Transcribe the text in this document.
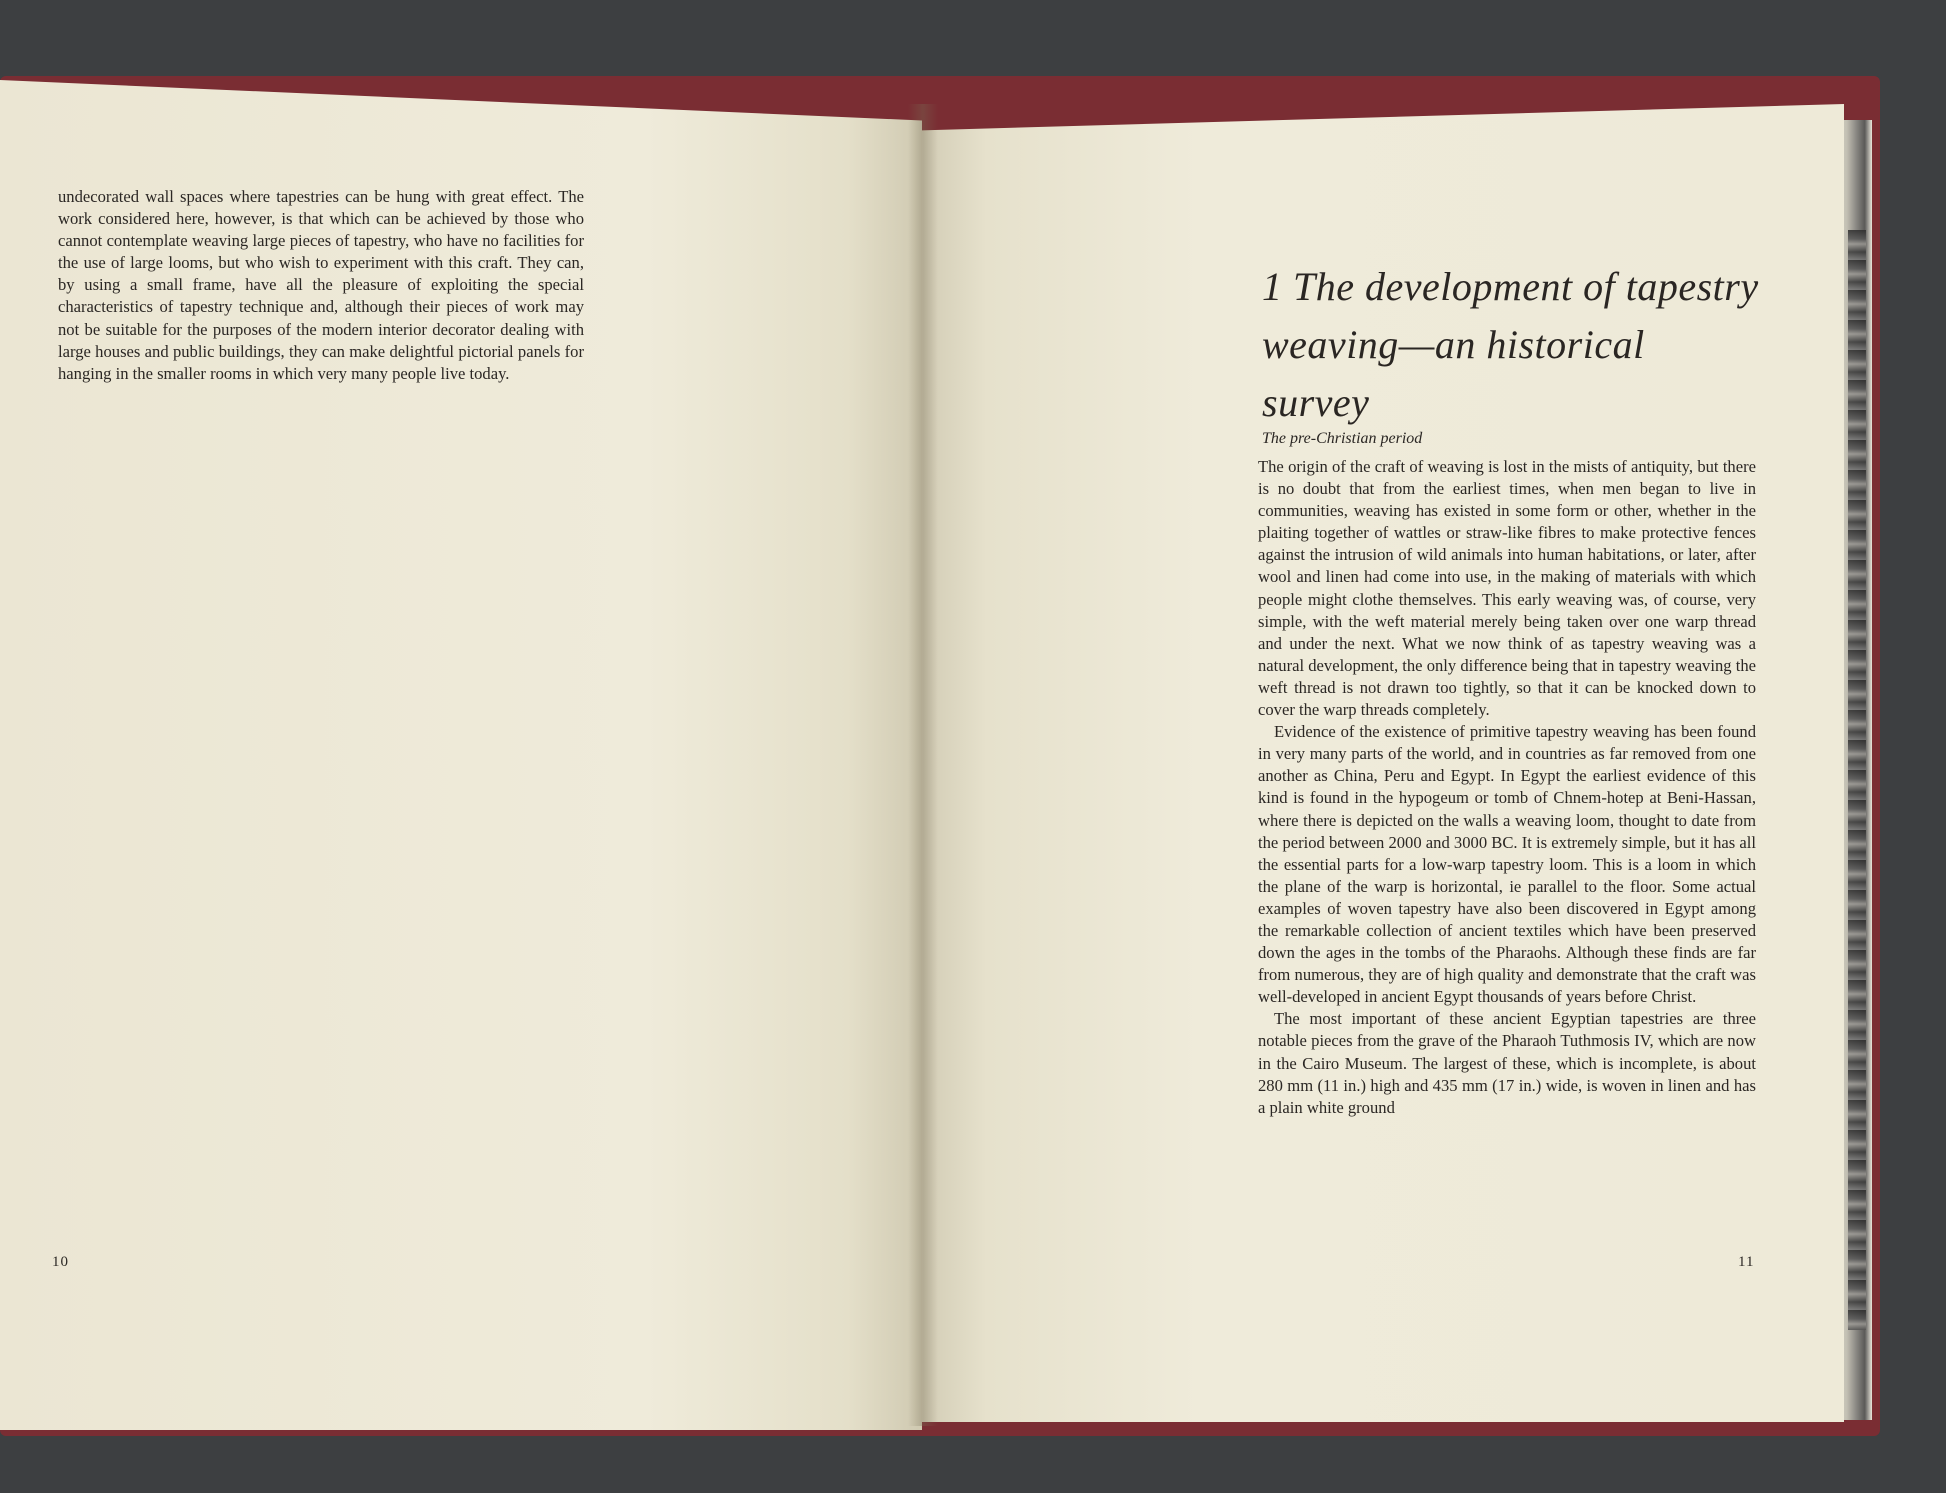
undecorated wall spaces where tapestries can be hung with great effect. The work considered here, however, is that which can be achieved by those who cannot contemplate weaving large pieces of tapestry, who have no facilities for the use of large looms, but who wish to experiment with this craft. They can, by using a small frame, have all the pleasure of exploiting the special characteristics of tapestry technique and, although their pieces of work may not be suitable for the purposes of the modern interior decorator dealing with large houses and public buildings, they can make delightful pictorial panels for hanging in the smaller rooms in which very many people live today.

10
1 The development of tapestry weaving—an historical survey
The pre-Christian period

The origin of the craft of weaving is lost in the mists of antiquity, but there is no doubt that from the earliest times, when men began to live in communities, weaving has existed in some form or other, whether in the plaiting together of wattles or straw-like fibres to make protective fences against the intrusion of wild animals into human habitations, or later, after wool and linen had come into use, in the making of materials with which people might clothe themselves. This early weaving was, of course, very simple, with the weft material merely being taken over one warp thread and under the next. What we now think of as tapestry weaving was a natural development, the only difference being that in tapestry weaving the weft thread is not drawn too tightly, so that it can be knocked down to cover the warp threads completely.

Evidence of the existence of primitive tapestry weaving has been found in very many parts of the world, and in countries as far removed from one another as China, Peru and Egypt. In Egypt the earliest evidence of this kind is found in the hypogeum or tomb of Chnem-hotep at Beni-Hassan, where there is depicted on the walls a weaving loom, thought to date from the period between 2000 and 3000 BC. It is extremely simple, but it has all the essential parts for a low-warp tapestry loom. This is a loom in which the plane of the warp is horizontal, ie parallel to the floor. Some actual examples of woven tapestry have also been discovered in Egypt among the remarkable collection of ancient textiles which have been preserved down the ages in the tombs of the Pharaohs. Although these finds are far from numerous, they are of high quality and demonstrate that the craft was well-developed in ancient Egypt thousands of years before Christ.

The most important of these ancient Egyptian tapestries are three notable pieces from the grave of the Pharaoh Tuthmosis IV, which are now in the Cairo Museum. The largest of these, which is incomplete, is about 280 mm (11 in.) high and 435 mm (17 in.) wide, is woven in linen and has a plain white ground

11
